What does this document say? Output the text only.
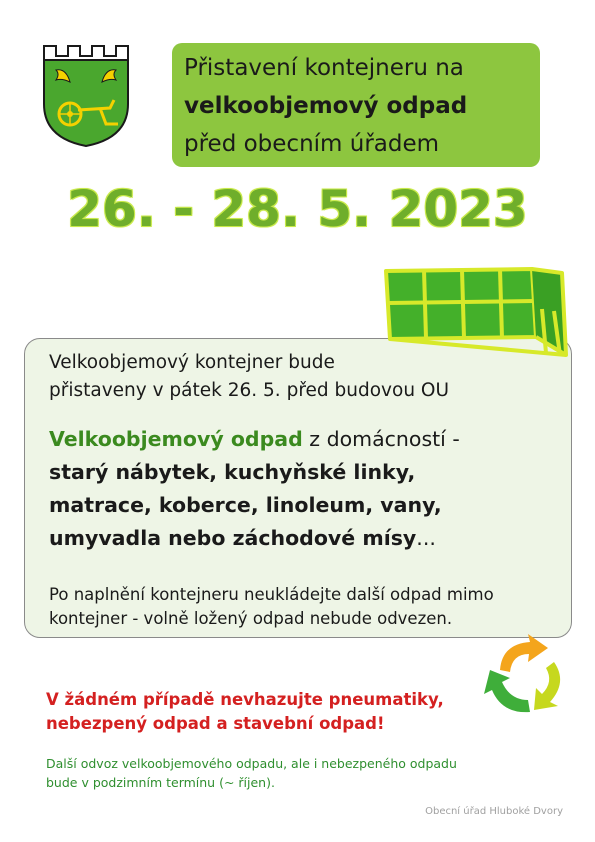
Přistavení kontejneru na
velkoobjemový odpad
před obecním úřadem
26. - 28. 5. 2023
Velkoobjemový kontejner bude
přistaveny v pátek 26. 5. před budovou OU
Velkoobjemový odpad z domácností -
starý nábytek, kuchyňské linky,
matrace, koberce, linoleum, vany,
umyvadla nebo záchodové mísy...
Po naplnění kontejneru neukládejte další odpad mimo
kontejner - volně ložený odpad nebude odvezen.
V žádném případě nevhazujte pneumatiky,
nebezpený odpad a stavební odpad!
Další odvoz velkoobjemového odpadu, ale i nebezpeného odpadu
bude v podzimním termínu (~ říjen).
Obecní úřad Hluboké Dvory
